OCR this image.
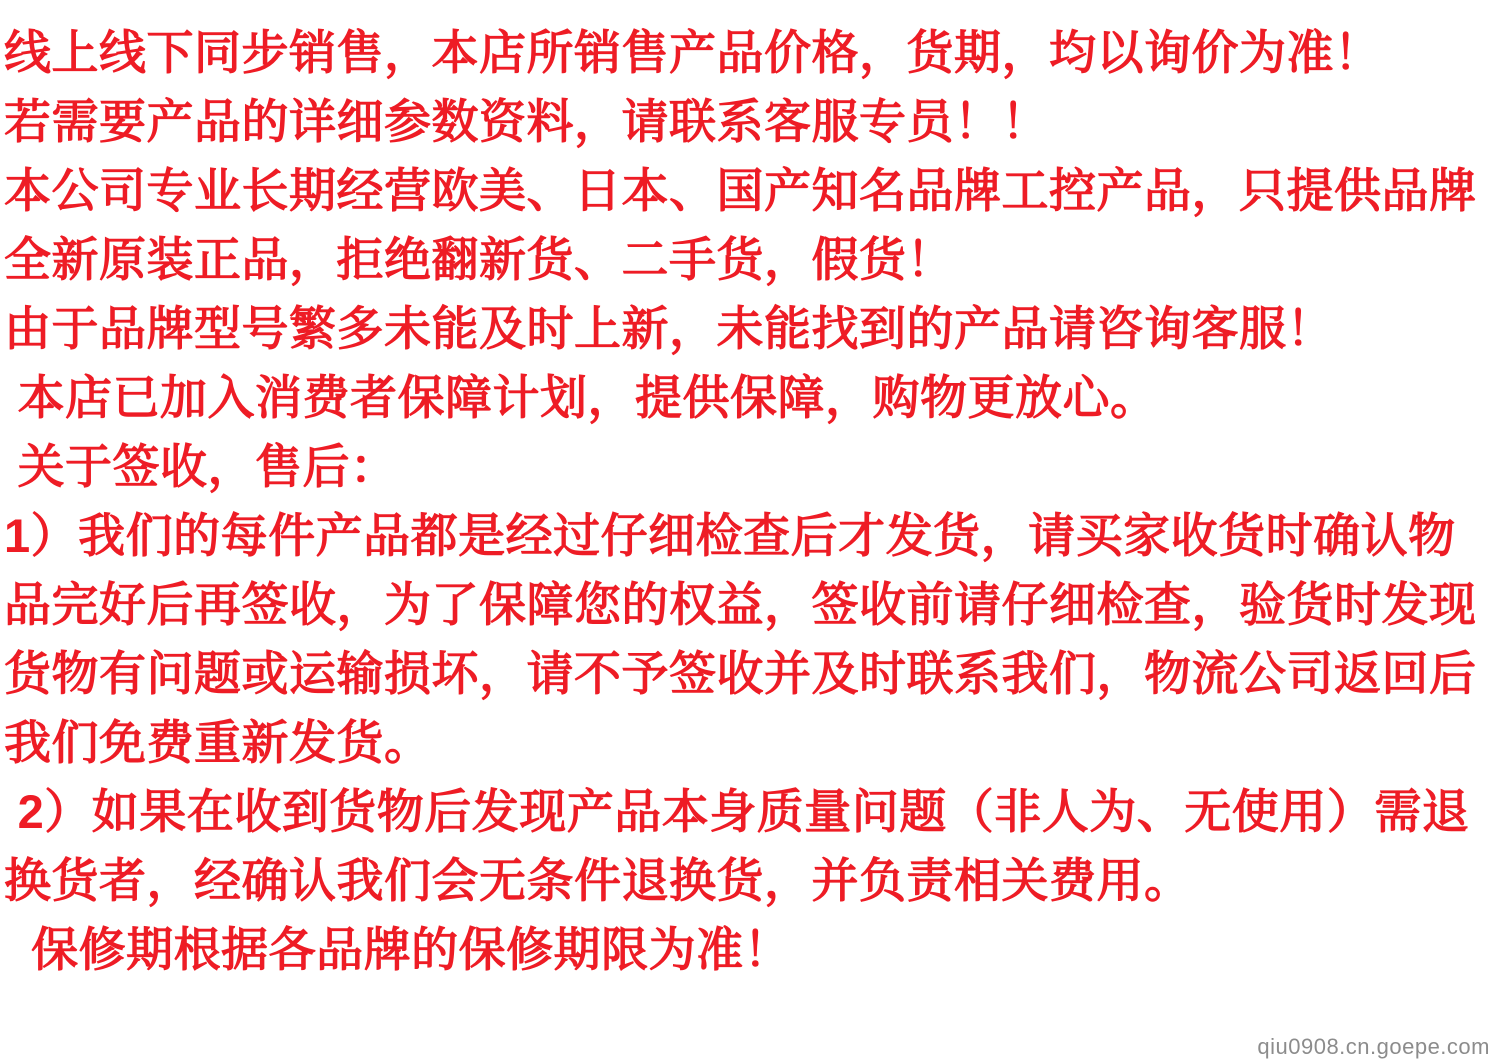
线上线下同步销售，本店所销售产品价格，货期，均以询价为准！
若需要产品的详细参数资料，请联系客服专员！！
本公司专业长期经营欧美、日本、国产知名品牌工控产品，只提供品牌全新原装正品，拒绝翻新货、二手货，假货！
由于品牌型号繁多未能及时上新，未能找到的产品请咨询客服！
本店已加入消费者保障计划，提供保障，购物更放心。
关于签收，售后：
1）我们的每件产品都是经过仔细检查后才发货，请买家收货时确认物品完好后再签收，为了保障您的权益，签收前请仔细检查，验货时发现货物有问题或运输损坏，请不予签收并及时联系我们，物流公司返回后我们免费重新发货。
2）如果在收到货物后发现产品本身质量问题（非人为、无使用）需退换货者，经确认我们会无条件退换货，并负责相关费用。
保修期根据各品牌的保修期限为准！
qiu0908.cn.goepe.com
